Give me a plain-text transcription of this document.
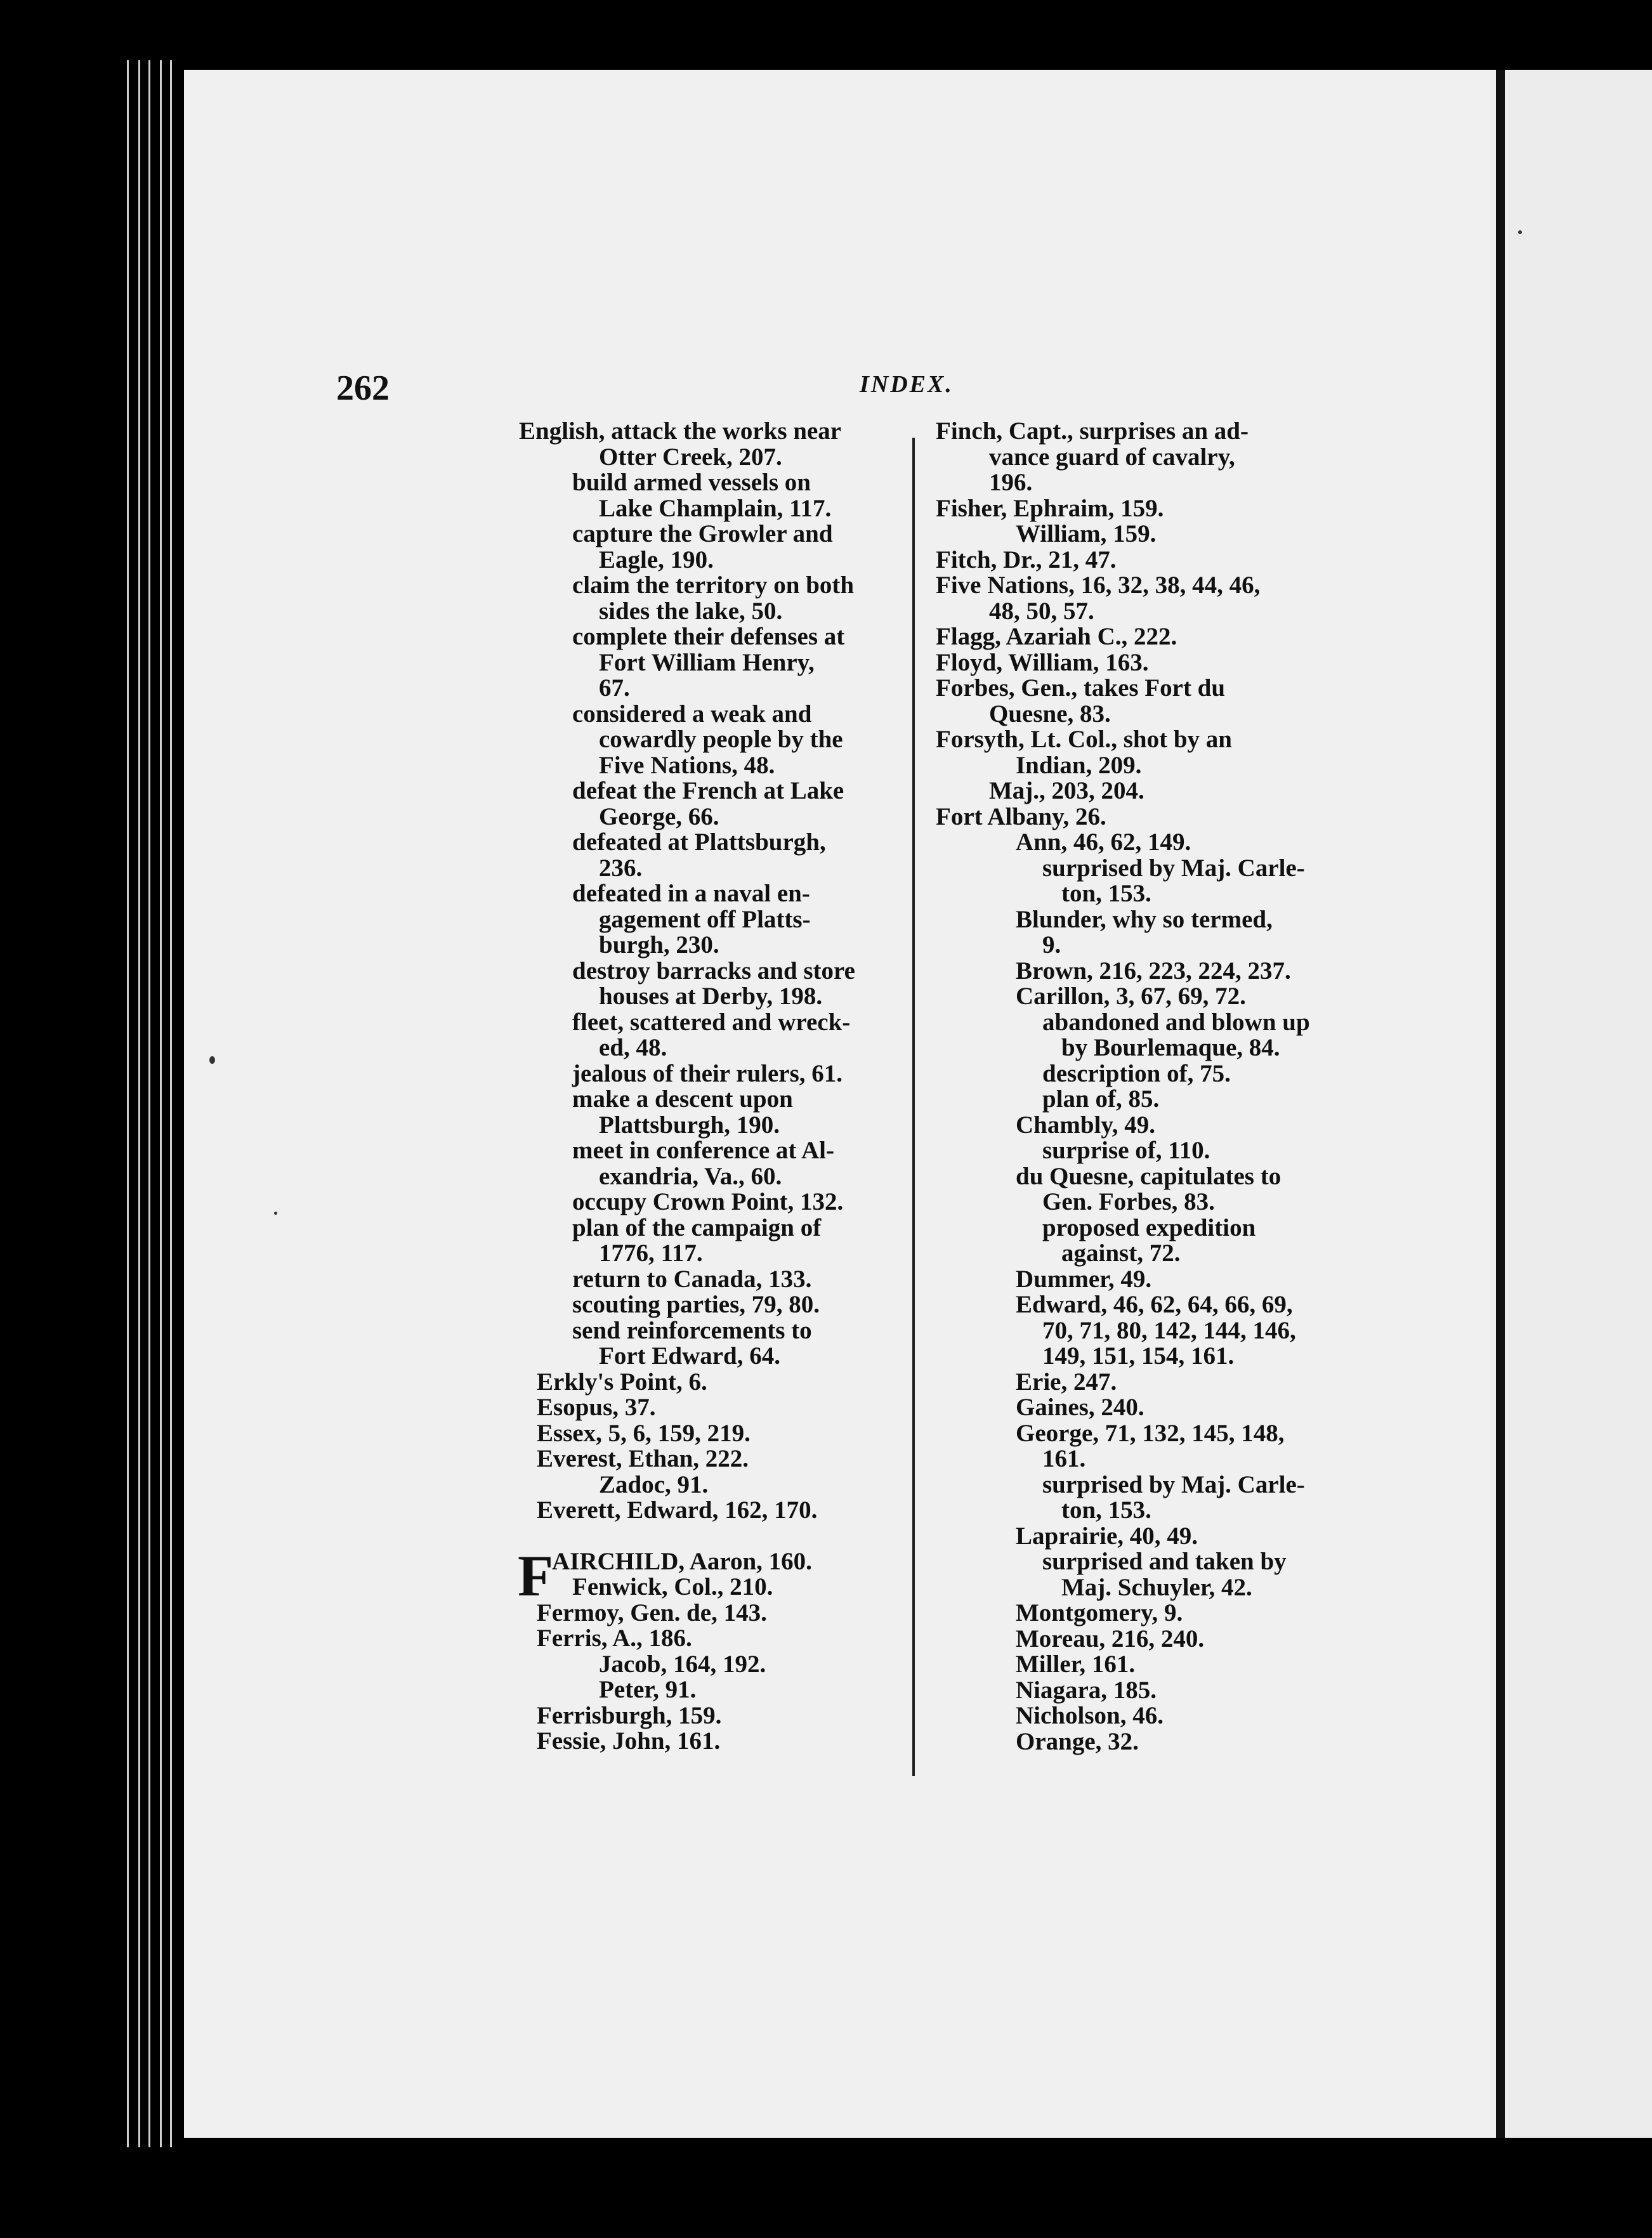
262	INDEX.
English, attack the works near
Otter Creek, 207.
build armed vessels on
Lake Champlain, 117.
capture the Growler and
Eagle, 190.
claim the territory on both
sides the lake, 50.
complete their defenses at
Fort William Henry,
67.
considered a weak and
cowardly people by the
Five Nations, 48.
defeat the French at Lake
George, 66.
defeated at Plattsburgh,
236.
defeated in a naval en-
gagement off Platts-
burgh, 230.
destroy barracks and store
houses at Derby, 198.
fleet, scattered and wreck-
ed, 48.
jealous of their rulers, 61.
make a descent upon
Plattsburgh, 190.
meet in conference at Al-
exandria, Va., 60.
occupy Crown Point, 132.
plan of the campaign of
1776, 117.
return to Canada, 133.
scouting parties, 79, 80.
send reinforcements to
Fort Edward, 64.
Erkly's Point, 6.
Esopus, 37.
Essex, 5, 6, 159, 219.
Everest, Ethan, 222.
Zadoc, 91.
Everett, Edward, 162, 170.
F
AIRCHILD, Aaron, 160.
Fenwick, Col., 210.
Fermoy, Gen. de, 143.
Ferris, A., 186.
Jacob, 164, 192.
Peter, 91.
Ferrisburgh, 159.
Fessie, John, 161.
Finch, Capt., surprises an ad-
vance guard of cavalry,
196.
Fisher, Ephraim, 159.
William, 159.
Fitch, Dr., 21, 47.
Five Nations, 16, 32, 38, 44, 46,
48, 50, 57.
Flagg, Azariah C., 222.
Floyd, William, 163.
Forbes, Gen., takes Fort du
Quesne, 83.
Forsyth, Lt. Col., shot by an
Indian, 209.
Maj., 203, 204.
Fort Albany, 26.
Ann, 46, 62, 149.
surprised by Maj. Carle-
ton, 153.
Blunder, why so termed,
9.
Brown, 216, 223, 224, 237.
Carillon, 3, 67, 69, 72.
abandoned and blown up
by Bourlemaque, 84.
description of, 75.
plan of, 85.
Chambly, 49.
surprise of, 110.
du Quesne, capitulates to
Gen. Forbes, 83.
proposed expedition
against, 72.
Dummer, 49.
Edward, 46, 62, 64, 66, 69,
70, 71, 80, 142, 144, 146,
149, 151, 154, 161.
Erie, 247.
Gaines, 240.
George, 71, 132, 145, 148,
161.
surprised by Maj. Carle-
ton, 153.
Laprairie, 40, 49.
surprised and taken by
Maj. Schuyler, 42.
Montgomery, 9.
Moreau, 216, 240.
Miller, 161.
Niagara, 185.
Nicholson, 46.
Orange, 32.
